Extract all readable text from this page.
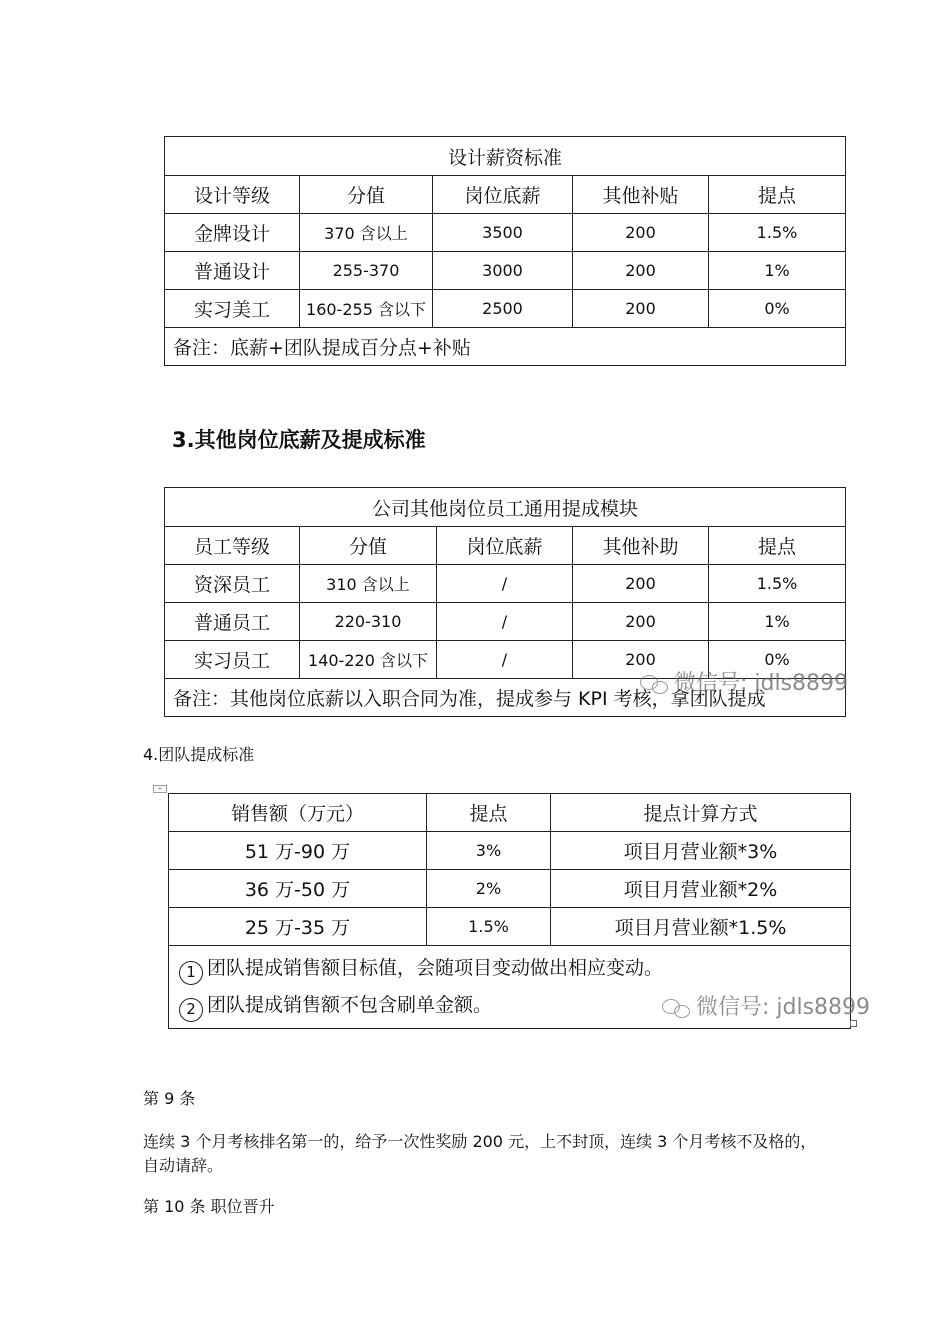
设计薪资标准				
设计等级	分值	岗位底薪	其他补贴	提点
金牌设计	370 含以上	3500	200	1.5%
普通设计	255-370	3000	200	1%
实习美工	160-255 含以下	2500	200	0%
备注：底薪+团队提成百分点+补贴				
3.其他岗位底薪及提成标准
公司其他岗位员工通用提成模块				
员工等级	分值	岗位底薪	其他补助	提点
资深员工	310 含以上	/	200	1.5%
普通员工	220-310	/	200	1%
实习员工	140-220 含以下	/	200	0%
备注：其他岗位底薪以入职合同为准，提成参与 KPI 考核，拿团队提成				
微信号: jdls8899

4.团队提成标准

+
销售额（万元）	提点	提点计算方式
51 万-90 万	3%	项目月营业额*3%
36 万-50 万	2%	项目月营业额*2%
25 万-35 万	1.5%	项目月营业额*1.5%

1 团队提成销售额目标值，会随项目变动做出相应变动。
2 团队提成销售额不包含刷单金额。			微信号: jdls8899

第 9 条

连续 3 个月考核排名第一的，给予一次性奖励 200 元，上不封顶，连续 3 个月考核不及格的，

自动请辞。

第 10 条 职位晋升
